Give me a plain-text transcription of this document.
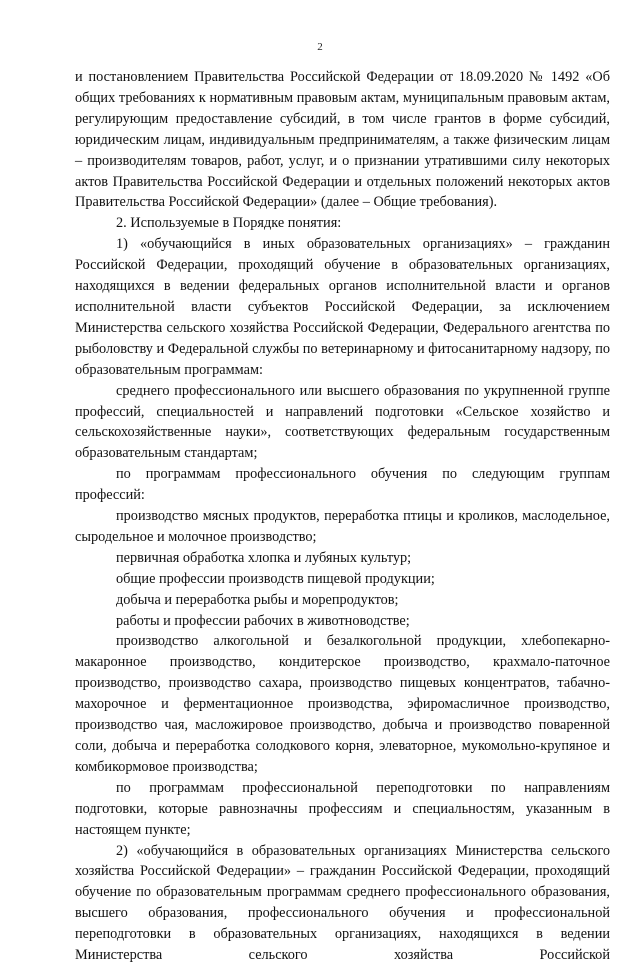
2

и постановлением Правительства Российской Федерации от 18.09.2020 № 1492 «Об общих требованиях к нормативным правовым актам, муниципальным правовым актам, регулирующим предоставление субсидий, в том числе грантов в форме субсидий, юридическим лицам, индивидуальным предпринимателям, а также физическим лицам – производителям товаров, работ, услуг, и о признании утратившими силу некоторых актов Правительства Российской Федерации и отдельных положений некоторых актов Правительства Российской Федерации» (далее – Общие требования).

2. Используемые в Порядке понятия:

1) «обучающийся в иных образовательных организациях» – гражданин Российской Федерации, проходящий обучение в образовательных организациях, находящихся в ведении федеральных органов исполнительной власти и органов исполнительной власти субъектов Российской Федерации, за исключением Министерства сельского хозяйства Российской Федерации, Федерального агентства по рыболовству и Федеральной службы по ветеринарному и фитосанитарному надзору, по образовательным программам:

среднего профессионального или высшего образования по укрупненной группе профессий, специальностей и направлений подготовки «Сельское хозяйство и сельскохозяйственные науки», соответствующих федеральным государственным образовательным стандартам;

по программам профессионального обучения по следующим группам профессий:

производство мясных продуктов, переработка птицы и кроликов, маслодельное, сыродельное и молочное производство;

первичная обработка хлопка и лубяных культур;

общие профессии производств пищевой продукции;

добыча и переработка рыбы и морепродуктов;

работы и профессии рабочих в животноводстве;

производство алкогольной и безалкогольной продукции, хлебопекарно-макаронное производство, кондитерское производство, крахмало-паточное производство, производство сахара, производство пищевых концентратов, табачно-махорочное и ферментационное производства, эфиромасличное производство, производство чая, масложировое производство, добыча и производство поваренной соли, добыча и переработка солодкового корня, элеваторное, мукомольно-крупяное и комбикормовое производства;

по программам профессиональной переподготовки по направлениям подготовки, которые равнозначны профессиям и специальностям, указанным в настоящем пункте;

2) «обучающийся в образовательных организациях Министерства сельского хозяйства Российской Федерации» – гражданин Российской Федерации, проходящий обучение по образовательным программам среднего профессионального образования, высшего образования, профессионального обучения и профессиональной переподготовки в образовательных организациях, находящихся в ведении Министерства сельского хозяйства Российской
